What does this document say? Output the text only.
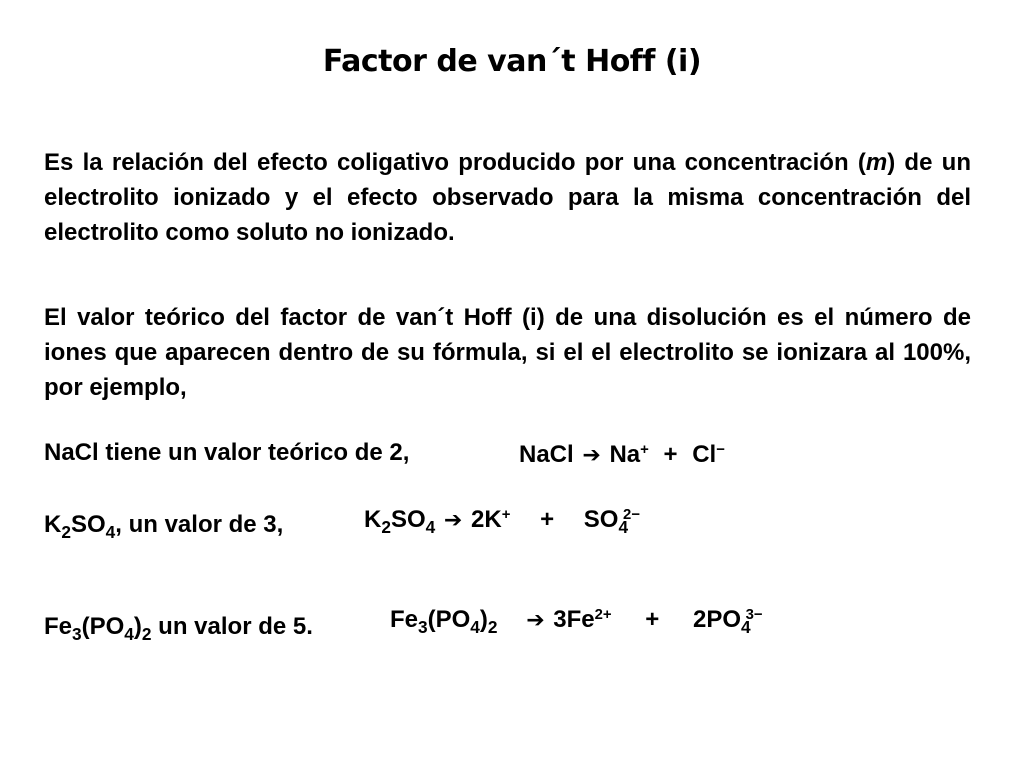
Factor de van´t Hoff (i)
Es la relación del efecto coligativo producido por una concentración (m) de un electrolito ionizado y el efecto observado para la misma concentración del electrolito como soluto no ionizado.
El valor teórico del factor de van´t Hoff (i) de una disolución es el número de iones que aparecen dentro de su fórmula, si el el electrolito se ionizara al 100%, por ejemplo,
NaCl tiene un valor teórico de 2,	NaCl ➔ Na+ + Cl−
$K_2SO_4$, un valor de 3,	$K_2SO_4$ ➔ $2K^+ + SO_4^{2-}$
$Fe_3(PO_4)_2$ un valor de 5.	$Fe_3(PO_4)_2$ ➔ $3Fe^{2+} + 2PO_4^{3-}$
